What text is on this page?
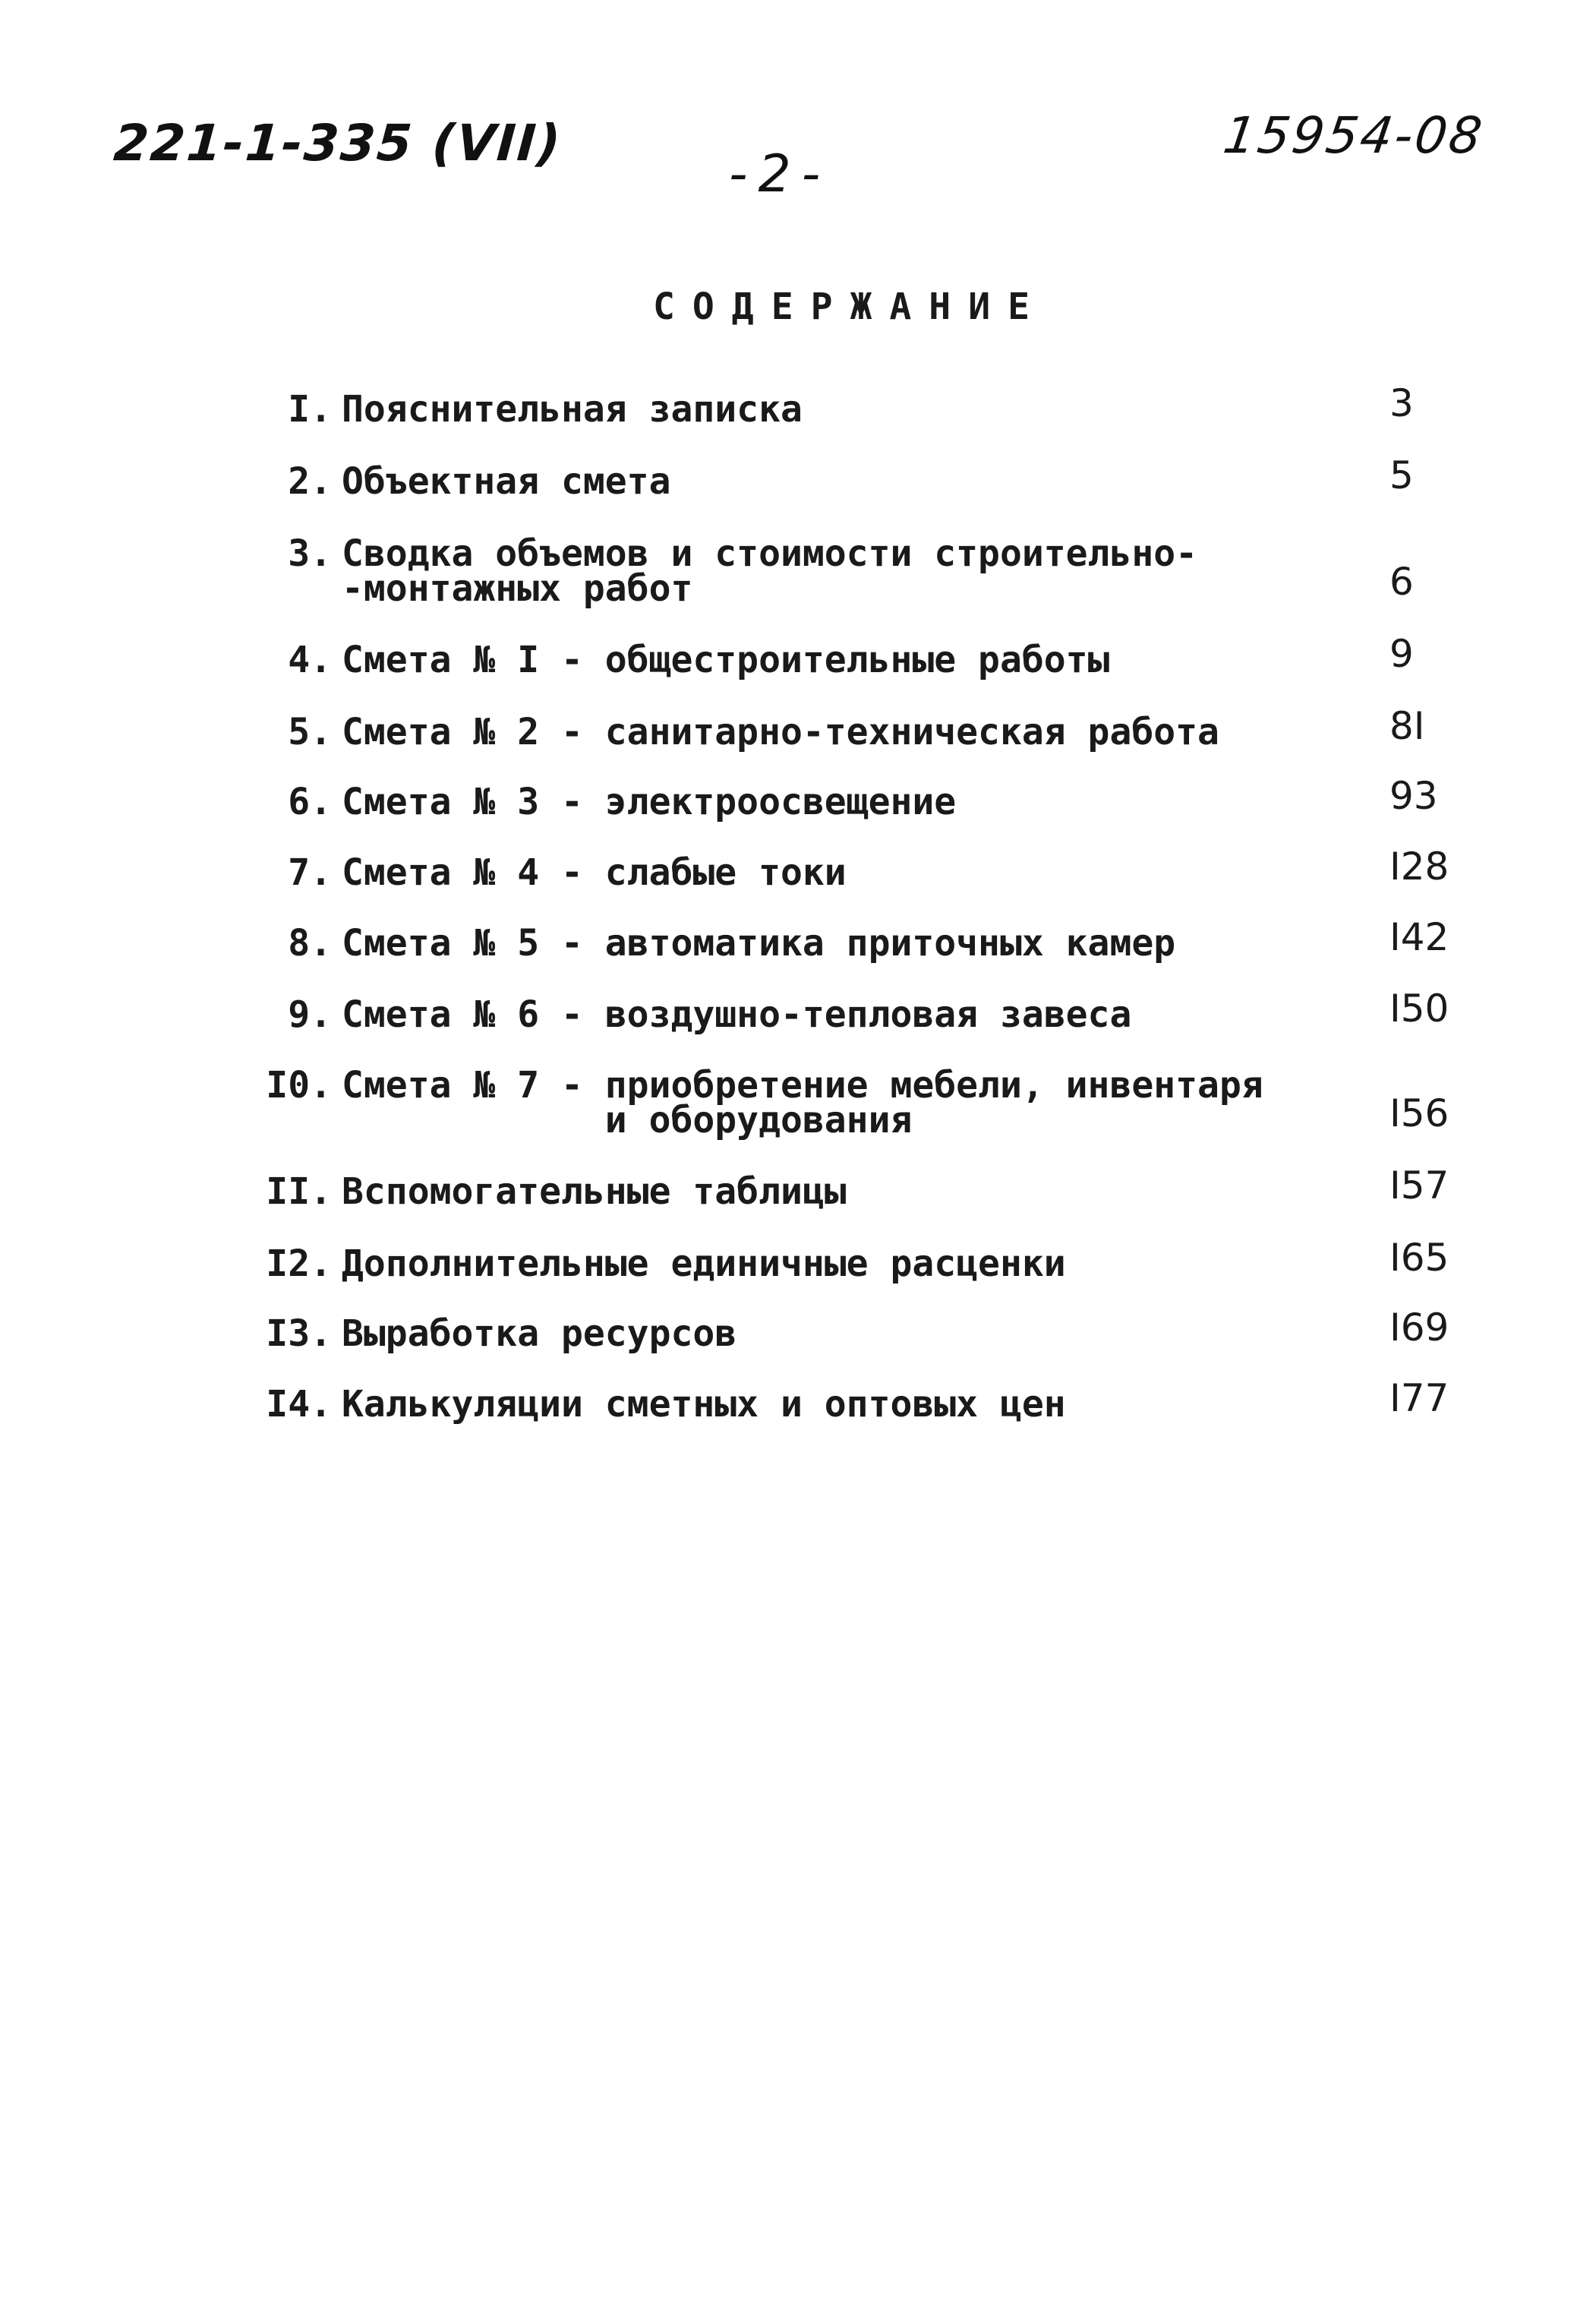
221-1-335 (VII)
-2-
15954-08
СОДЕРЖАНИЕ
I. Пояснительная записка	3
2. Объектная смета	5
3. Сводка объемов и стоимости строительно-
-монтажных работ	6
4. Смета № I - общестроительные работы	9
5. Смета № 2 - санитарно-техническая работа	8I
6. Смета № 3 - электроосвещение	93
7. Смета № 4 - слабые токи	I28
8. Смета № 5 - автоматика приточных камер	I42
9. Смета № 6 - воздушно-тепловая завеса	I50
I0. Смета № 7 - приобретение мебели, инвентаря
и оборудования	I56
II. Вспомогательные таблицы	I57
I2. Дополнительные единичные расценки	I65
I3. Выработка ресурсов	I69
I4. Калькуляции сметных и оптовых цен	I77
